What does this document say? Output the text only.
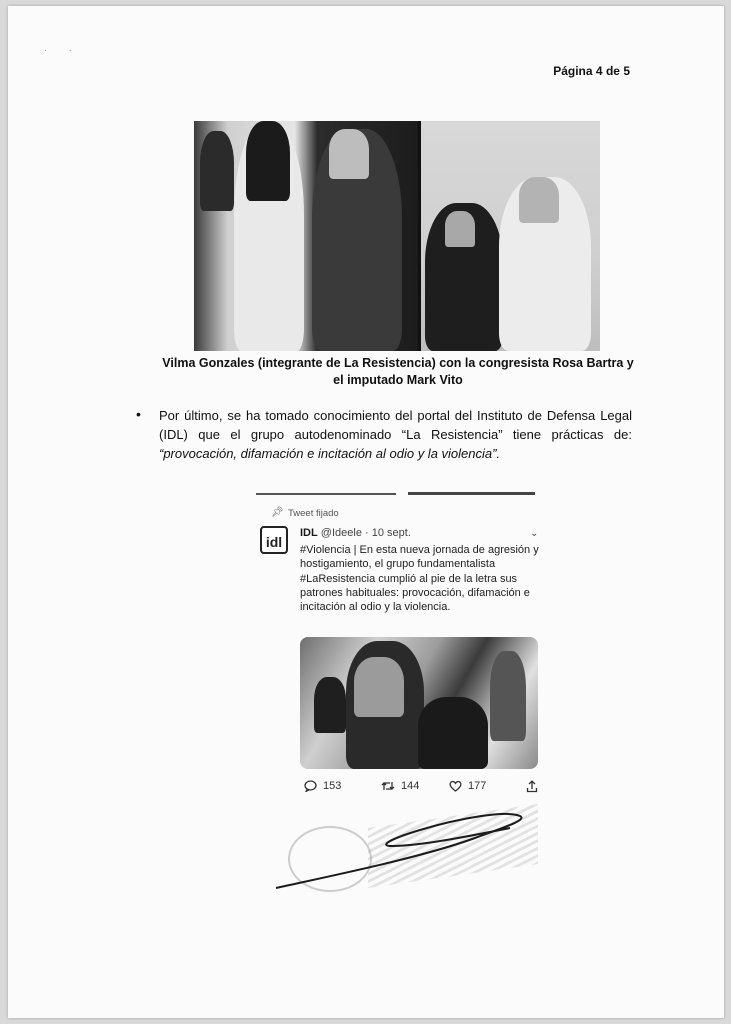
·          ·
Página 4 de 5
Vilma Gonzales (integrante de La Resistencia) con la congresista Rosa Bartra y el imputado Mark Vito
• Por último, se ha tomado conocimiento del portal del Instituto de Defensa Legal (IDL) que el grupo autodenominado “La Resistencia” tiene prácticas de: “provocación, difamación e incitación al odio y la violencia”.
📌︎ Tweet fijado
idl
IDL @Ideele · 10 sept.	⌄
#Violencia | En esta nueva jornada de agresión y hostigamiento, el grupo fundamentalista #LaResistencia cumplió al pie de la letra sus patrones habituales: provocación, difamación e incitación al odio y la violencia.
153	144	177
